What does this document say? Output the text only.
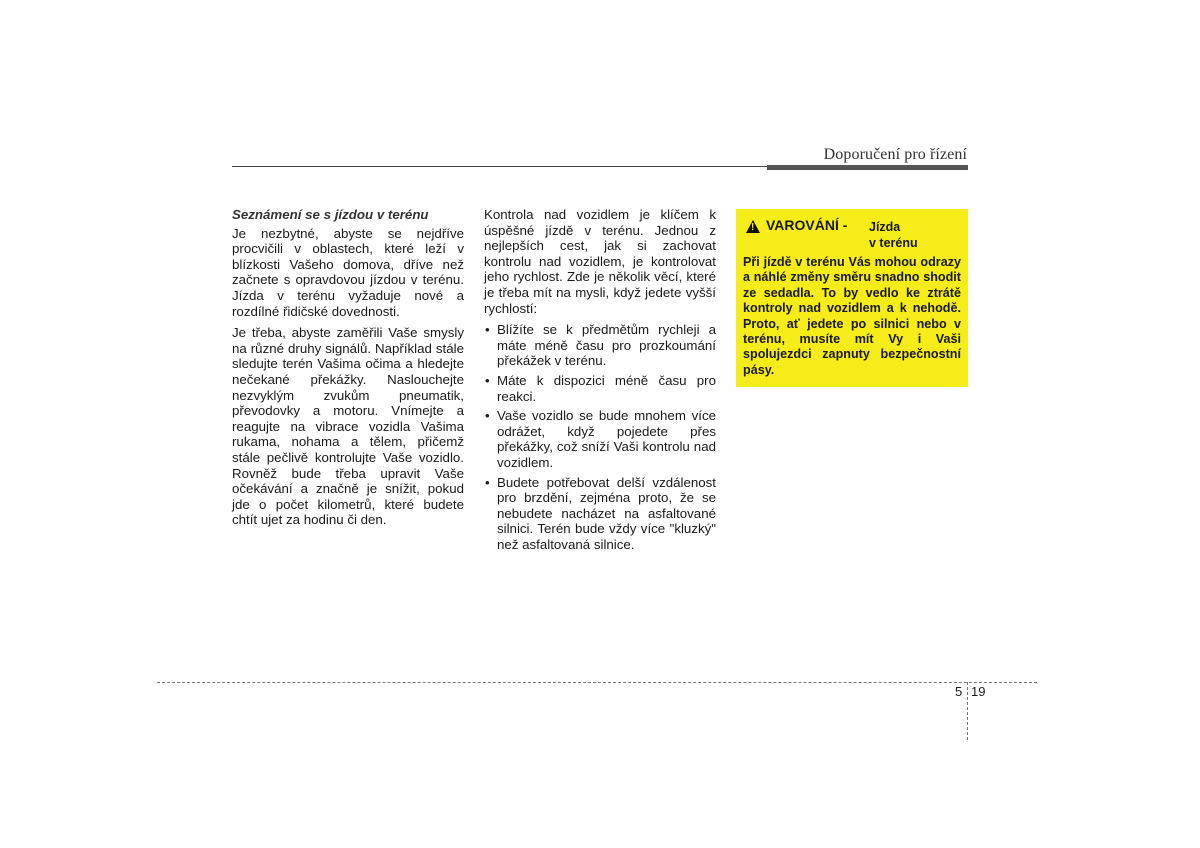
Doporučení pro řízení

Seznámení se s jízdou v terénu

Je nezbytné, abyste se nejdříve procvičili v oblastech, které leží v blízkosti Vašeho domova, dříve než začnete s opravdovou jízdou v terénu. Jízda v terénu vyžaduje nové a rozdílné řidičské dovednosti.

Je třeba, abyste zaměřili Vaše smysly na různé druhy signálů. Například stále sledujte terén Vašima očima a hledejte nečekané překážky. Naslouchejte nezvyklým zvukům pneumatik, převodovky a motoru. Vnímejte a reagujte na vibrace vozidla Vašima rukama, nohama a tělem, přičemž stále pečlivě kontrolujte Vaše vozidlo. Rovněž bude třeba upravit Vaše očekávání a značně je snížit, pokud jde o počet kilometrů, které budete chtít ujet za hodinu či den.

Kontrola nad vozidlem je klíčem k úspěšné jízdě v terénu. Jednou z nejlepších cest, jak si zachovat kontrolu nad vozidlem, je kontrolovat jeho rychlost. Zde je několik věcí, které je třeba mít na mysli, když jedete vyšší rychlostí:

• Blížíte se k předmětům rychleji a máte méně času pro prozkoumání překážek v terénu.
• Máte k dispozici méně času pro reakci.
• Vaše vozidlo se bude mnohem více odrážet, když pojedete přes překážky, což sníží Vaši kontrolu nad vozidlem.
• Budete potřebovat delší vzdálenost pro brzdění, zejména proto, že se nebudete nacházet na asfaltované silnici. Terén bude vždy více "kluzký" než asfaltovaná silnice.
! VAROVÁNÍ - Jízda
v terénu
Při jízdě v terénu Vás mohou odrazy a náhlé změny směru snadno shodit ze sedadla. To by vedlo ke ztrátě kontroly nad vozidlem a k nehodě. Proto, ať jedete po silnici nebo v terénu, musíte mít Vy i Vaši spolujezdci zapnuty bezpečnostní pásy.
5 19
